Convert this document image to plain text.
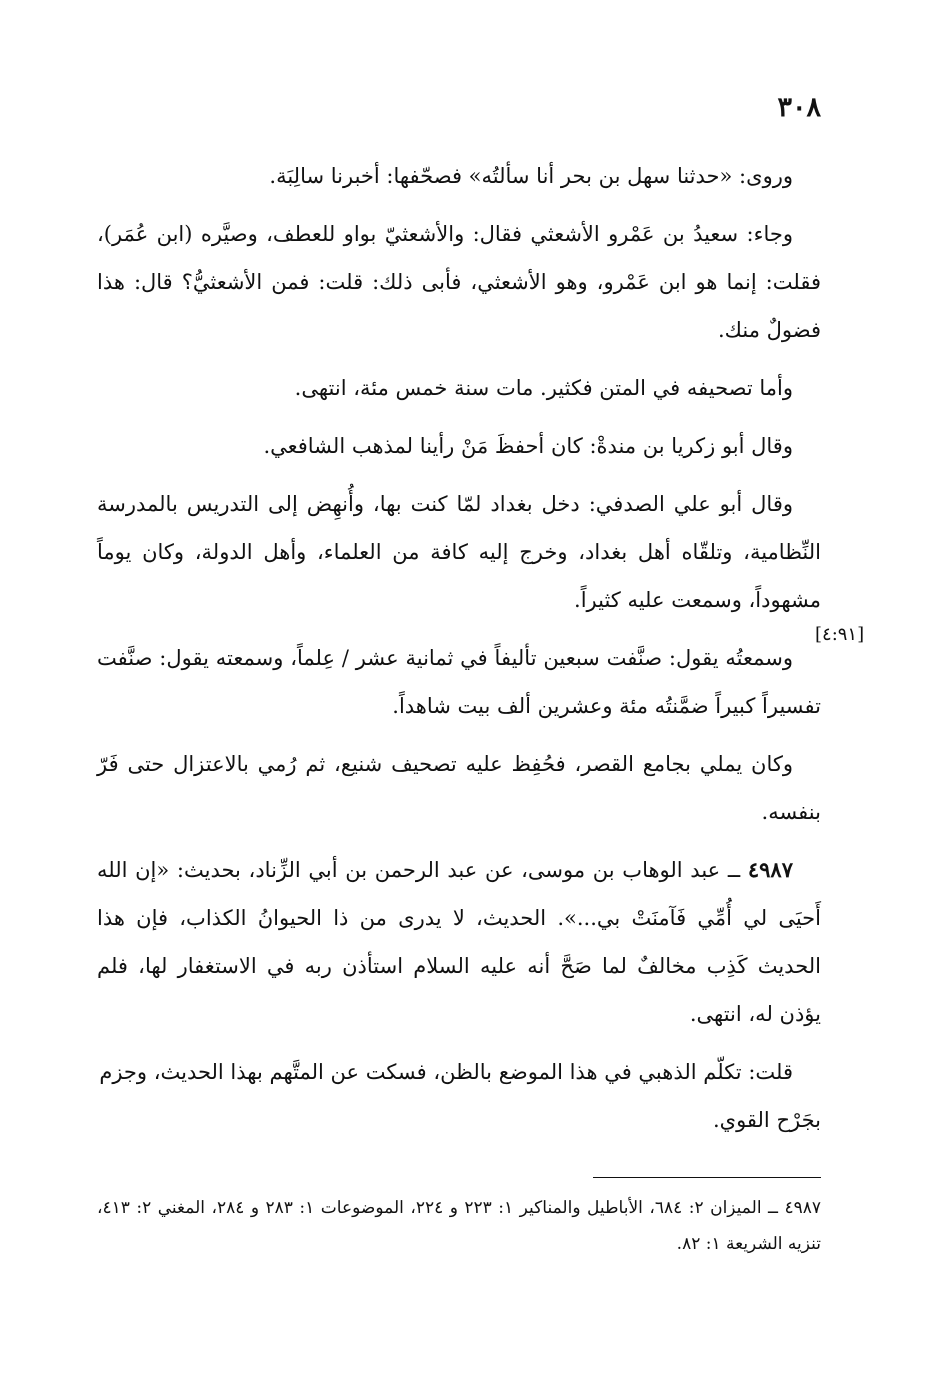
٣٠٨

وروى: «حدثنا سهل بن بحر أنا سألتُه» فصحّفها: أخبرنا سالِبَة.

وجاء: سعيدُ بن عَمْرو الأشعثي فقال: والأشعثيّ بواو للعطف، وصيَّره (ابن عُمَر)، فقلت: إنما هو ابن عَمْرو، وهو الأشعثي، فأبى ذلك: قلت: فمن الأشعثيُّ؟ قال: هذا فضولٌ منك.

وأما تصحيفه في المتن فكثير. مات سنة خمس مئة، انتهى.

وقال أبو زكريا بن مندةْ: كان أحفظَ مَنْ رأينا لمذهب الشافعي.

وقال أبو علي الصدفي: دخل بغداد لمّا كنت بها، وأُنهِض إلى التدريس بالمدرسة النِّظامية، وتلقّاه أهل بغداد، وخرج إليه كافة من العلماء، وأهل الدولة، وكان يوماً مشهوداً، وسمعت عليه كثيراً.

وسمعتُه يقول: صنَّفت سبعين تأليفاً في ثمانية عشر / عِلماً، وسمعته يقول: صنَّفت تفسيراً كبيراً ضمَّنتُه مئة وعشرين ألف بيت شاهداً.

وكان يملي بجامع القصر، فحُفِظ عليه تصحيف شنيع، ثم رُمي بالاعتزال حتى فَرّ بنفسه.

٤٩٨٧ ــ عبد الوهاب بن موسى، عن عبد الرحمن بن أبي الزِّناد، بحديث: «إن الله أَحيَى لي أُمِّي فَآمنَتْ بي...». الحديث، لا يدرى من ذا الحيوانُ الكذاب، فإن هذا الحديث كَذِب مخالفٌ لما صَحَّ أنه عليه السلام استأذن ربه في الاستغفار لها، فلم يؤذن له، انتهى.

قلت: تكلّم الذهبي في هذا الموضع بالظن، فسكت عن المتَّهم بهذا الحديث، وجزم بجَرْح القوي.

[٤:٩١]

٤٩٨٧ ــ الميزان ٢: ٦٨٤، الأباطيل والمناكير ١: ٢٢٣ و ٢٢٤، الموضوعات ١: ٢٨٣ و ٢٨٤، المغني ٢: ٤١٣، تنزيه الشريعة ١: ٨٢.
